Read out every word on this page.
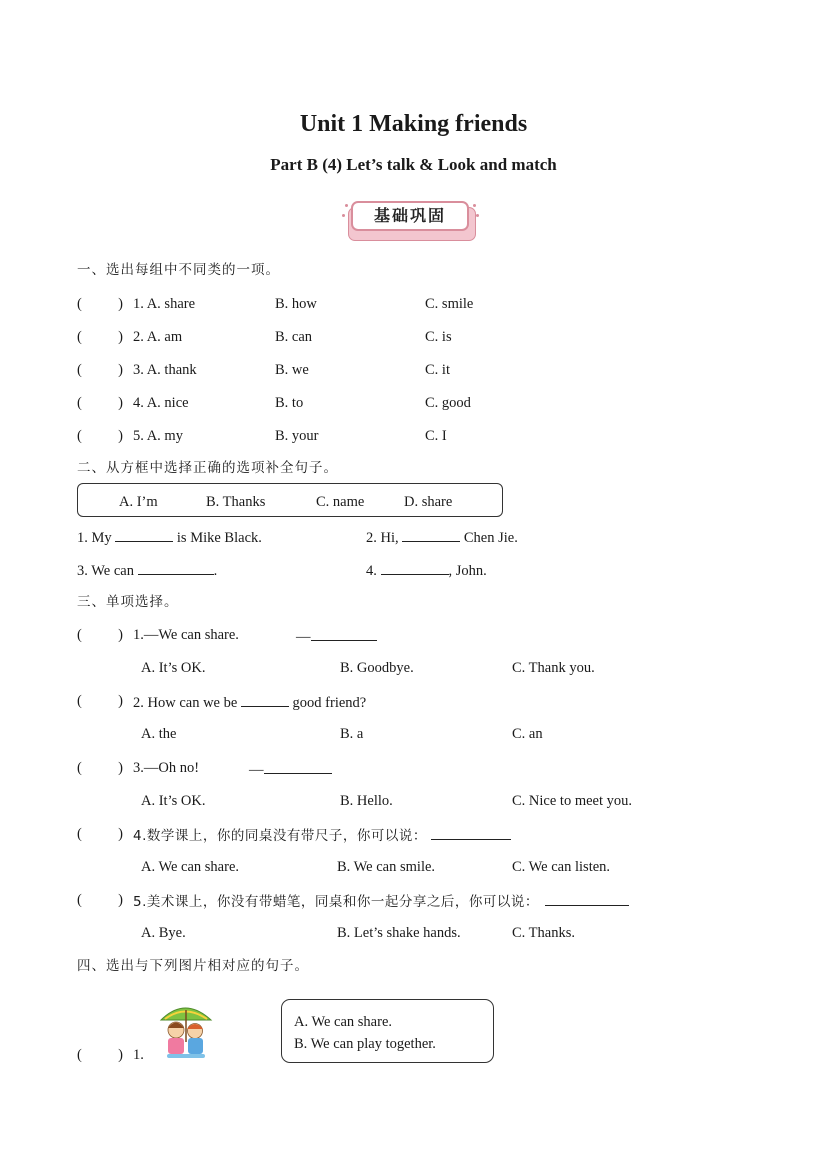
Unit 1 Making friends
Part B (4) Let’s talk & Look and match
基础巩固
一、选出每组中不同类的一项。
(          ) 1. A. share	B. how	C. smile
(          ) 2. A. am	B. can	C. is
(          ) 3. A. thank	B. we	C. it
(          ) 4. A. nice	B. to	C. good
(          ) 5. A. my	B. your	C. I
二、从方框中选择正确的选项补全句子。
A. I’m	B. Thanks	C. name	D. share
1. My	is Mike Black.	2. Hi,	Chen Jie.
3. We can	.	4.	, John.
三、单项选择。
(          ) 1.—We can share.	—
A. It’s OK.	B. Goodbye.	C. Thank you.
(          ) 2. How can we be	good friend?
A. the	B. a	C. an
(          ) 3.—Oh no!	—
A. It’s OK.	B. Hello.	C. Nice to meet you.
(          ) 4.数学课上，你的同桌没有带尺子，你可以说：
A. We can share.	B. We can smile.	C. We can listen.
(          ) 5.美术课上，你没有带蜡笔，同桌和你一起分享之后，你可以说：
A. Bye.	B. Let’s shake hands.	C. Thanks.
四、选出与下列图片相对应的句子。
(          ) 1.
A. We can share.
B. We can play together.
